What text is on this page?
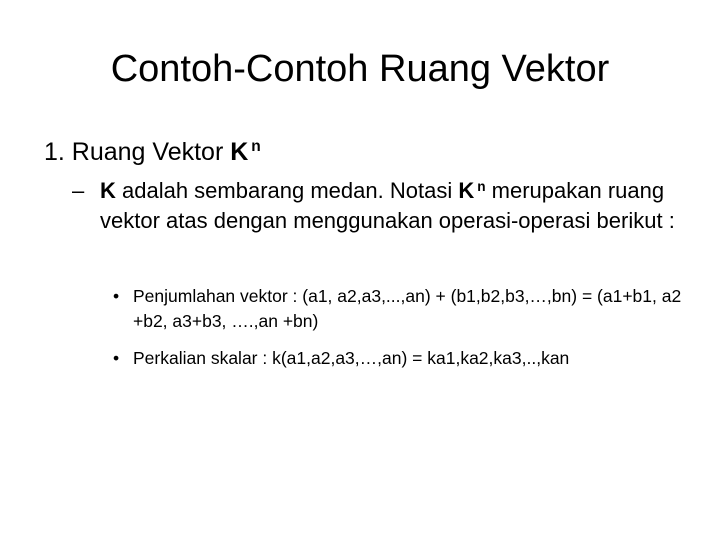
Contoh-Contoh Ruang Vektor
1. Ruang Vektor K $^n$
– K adalah sembarang medan. Notasi K $^n$ merupakan ruang vektor atas dengan menggunakan operasi-operasi berikut :
• Penjumlahan vektor : (a1, a2,a3,...,an) + (b1,b2,b3,…,bn) = (a1+b1, a2 +b2, a3+b3, ….,an +bn)
• Perkalian skalar : k(a1,a2,a3,…,an) = ka1,ka2,ka3,..,kan
